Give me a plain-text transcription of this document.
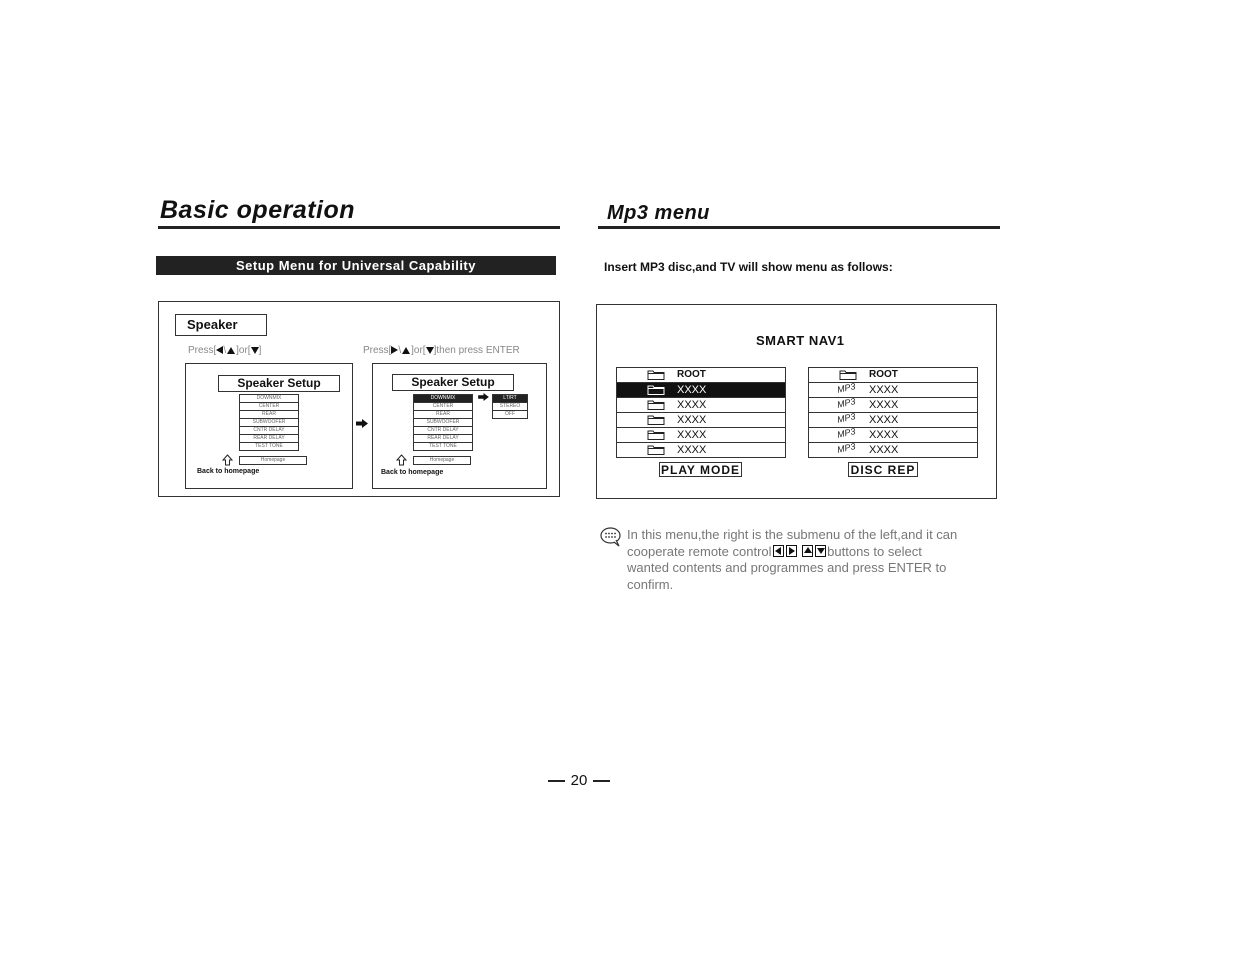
Basic operation
Setup Menu for Universal Capability
Speaker
Press[ \ ]or[ ]	Press[ \ ]or[ ]then press ENTER
Speaker Setup
DOWNMIX
CENTER
REAR
SUBWOOFER
CNTR DELAY
REAR DELAY
TEST TONE
Homepage
Back to homepage
Speaker Setup
DOWNMIX
CENTER
REAR
SUBWOOFER
CNTR DELAY
REAR DELAY
TEST TONE
LT/RT
STEREO
OFF
Homepage
Back to homepage
Mp3 menu
Insert MP3 disc,and TV will show menu as follows:
SMART NAV1
ROOT
XXXX
XXXX
XXXX
XXXX
XXXX
ROOT
MP3 XXXX
MP3 XXXX
MP3 XXXX
MP3 XXXX
MP3 XXXX
PLAY MODE	DISC REP
In this menu,the right is the submenu of the left,and it can
cooperate remote control
	buttons to select
wanted contents and programmes and press ENTER to
confirm.
20
